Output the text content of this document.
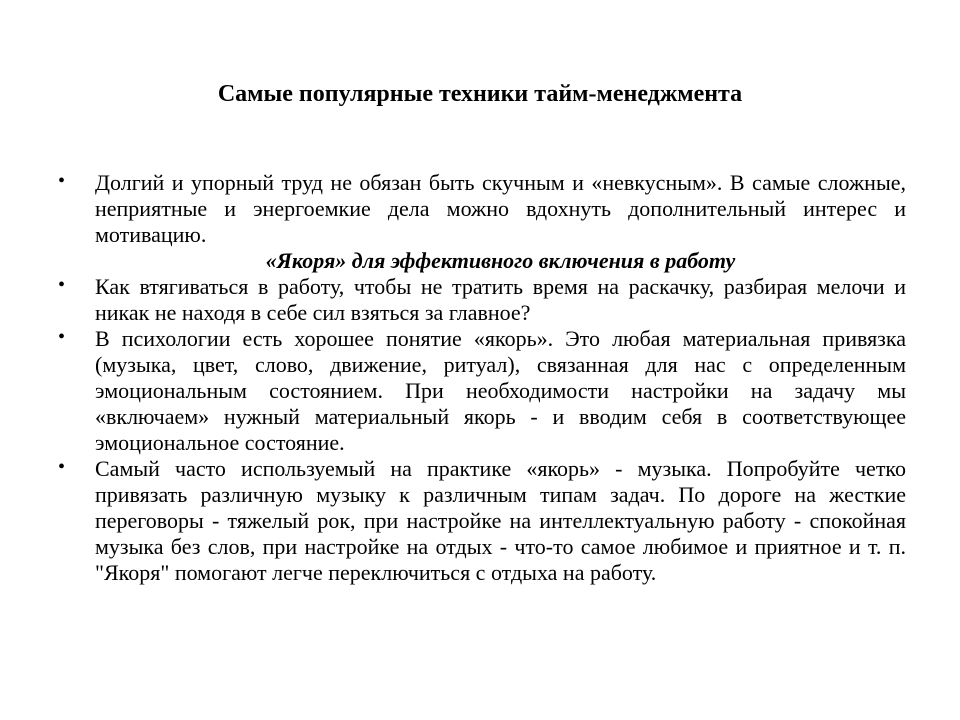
Самые популярные техники тайм-менеджмента

• Долгий и упорный труд не обязан быть скучным и «невкусным». В самые сложные, неприятные и энергоемкие дела можно вдохнуть дополнительный интерес и мотивацию.

«Якоря» для эффективного включения в работу

• Как втягиваться в работу, чтобы не тратить время на раскачку, разбирая мелочи и никак не находя в себе сил взяться за главное?

• В психологии есть хорошее понятие «якорь». Это любая материальная привязка (музыка, цвет, слово, движение, ритуал), связанная для нас с определенным эмоциональным состоянием. При необходимости настройки на задачу мы «включаем» нужный материальный якорь - и вводим себя в соответствующее эмоциональное состояние.

• Самый часто используемый на практике «якорь» - музыка. Попробуйте четко привязать различную музыку к различным типам задач. По дороге на жесткие переговоры - тяжелый рок, при настройке на интеллектуальную работу - спокойная музыка без слов, при настройке на отдых - что-то самое любимое и приятное и т. п. "Якоря" помогают легче переключиться с отдыха на работу.
